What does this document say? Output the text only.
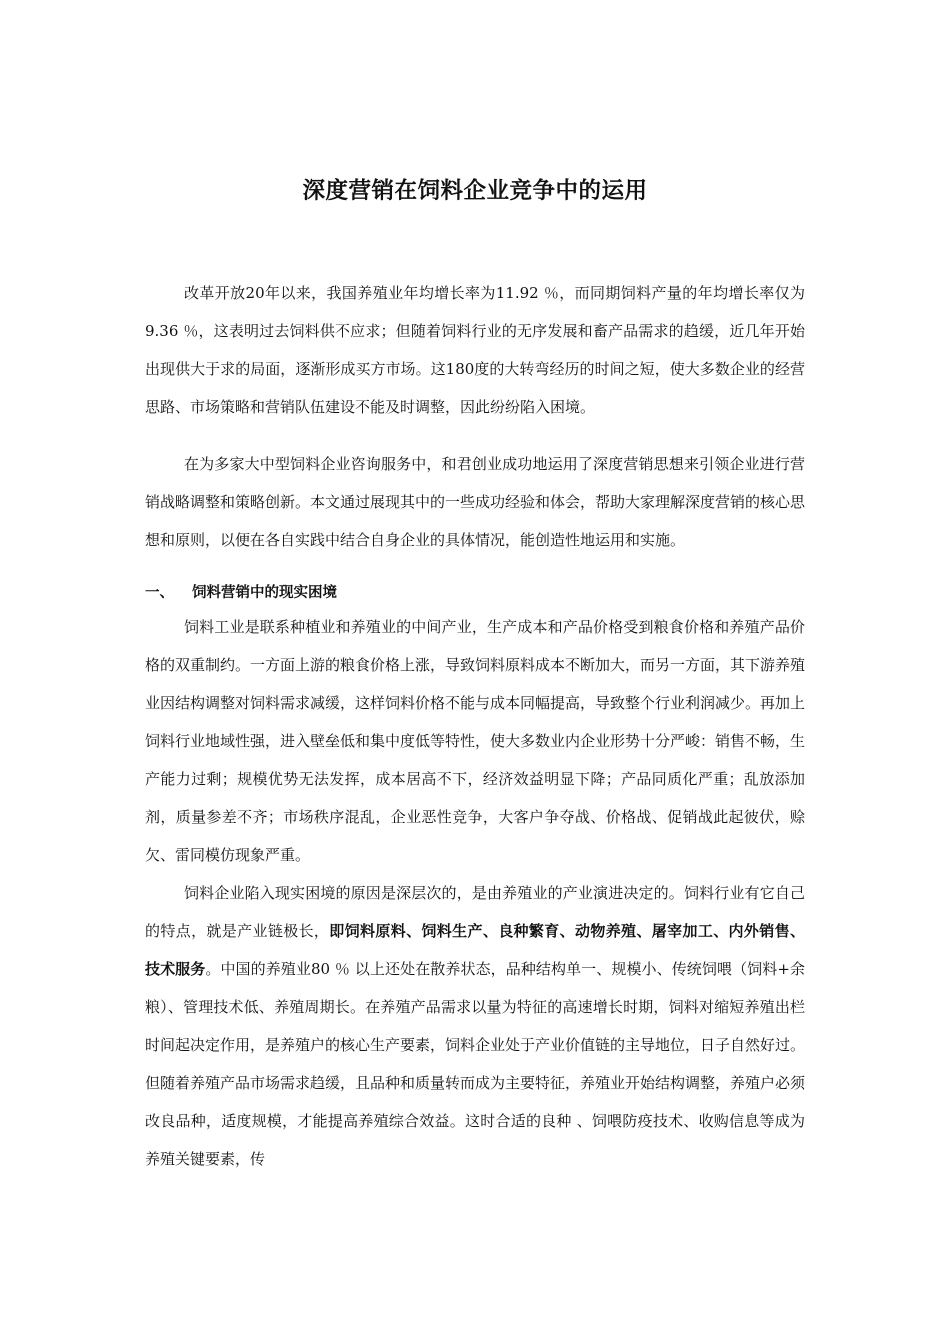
深度营销在饲料企业竞争中的运用

改革开放20年以来，我国养殖业年均增长率为11.92 ％，而同期饲料产量的年均增长率仅为9.36 ％，这表明过去饲料供不应求；但随着饲料行业的无序发展和畜产品需求的趋缓，近几年开始出现供大于求的局面，逐渐形成买方市场。这180度的大转弯经历的时间之短，使大多数企业的经营思路、市场策略和营销队伍建设不能及时调整，因此纷纷陷入困境。

在为多家大中型饲料企业咨询服务中，和君创业成功地运用了深度营销思想来引领企业进行营销战略调整和策略创新。本文通过展现其中的一些成功经验和体会，帮助大家理解深度营销的核心思想和原则，以便在各自实践中结合自身企业的具体情况，能创造性地运用和实施。

一、 饲料营销中的现实困境

饲料工业是联系种植业和养殖业的中间产业，生产成本和产品价格受到粮食价格和养殖产品价格的双重制约。一方面上游的粮食价格上涨，导致饲料原料成本不断加大，而另一方面，其下游养殖业因结构调整对饲料需求减缓，这样饲料价格不能与成本同幅提高，导致整个行业利润减少。再加上饲料行业地域性强，进入壁垒低和集中度低等特性，使大多数业内企业形势十分严峻：销售不畅，生产能力过剩；规模优势无法发挥，成本居高不下，经济效益明显下降；产品同质化严重；乱放添加剂，质量参差不齐；市场秩序混乱，企业恶性竞争，大客户争夺战、价格战、促销战此起彼伏，赊欠、雷同模仿现象严重。

饲料企业陷入现实困境的原因是深层次的，是由养殖业的产业演进决定的。饲料行业有它自己的特点，就是产业链极长，即饲料原料、饲料生产、良种繁育、动物养殖、屠宰加工、内外销售、技术服务。中国的养殖业80 ％ 以上还处在散养状态，品种结构单一、规模小、传统饲喂（饲料+余粮）、管理技术低、养殖周期长。在养殖产品需求以量为特征的高速增长时期，饲料对缩短养殖出栏时间起决定作用，是养殖户的核心生产要素，饲料企业处于产业价值链的主导地位，日子自然好过。但随着养殖产品市场需求趋缓，且品种和质量转而成为主要特征，养殖业开始结构调整，养殖户必须改良品种，适度规模，才能提高养殖综合效益。这时合适的良种 、饲喂防疫技术、收购信息等成为养殖关键要素，传
